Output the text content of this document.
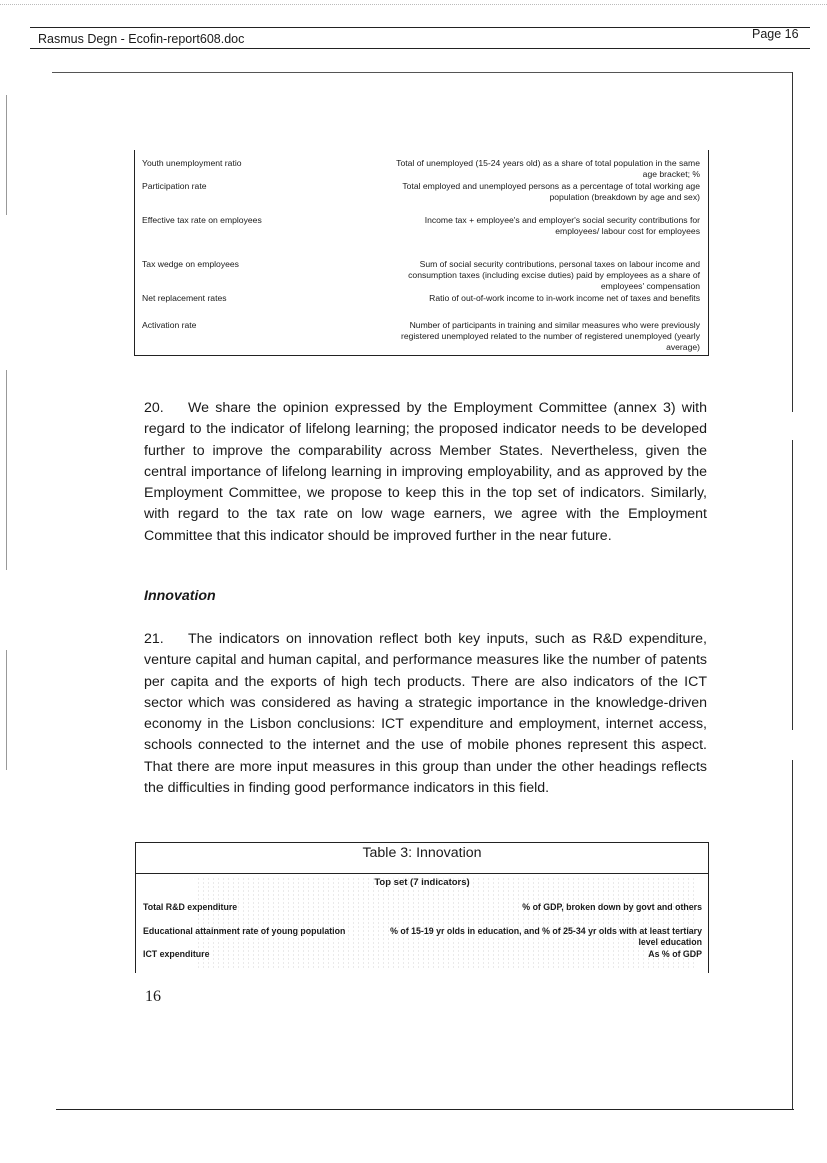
Rasmus Degn - Ecofin-report608.doc	Page 16
Youth unemployment ratio	Total of unemployed (15-24 years old) as a share of total population in the same age bracket; %
Participation rate	Total employed and unemployed persons as a percentage of total working age population (breakdown by age and sex)
Effective tax rate on employees	Income tax + employee's and employer's social security contributions for employees/ labour cost for employees
Tax wedge on employees	Sum of social security contributions, personal taxes on labour income and consumption taxes (including excise duties) paid by employees as a share of employees' compensation
Net replacement rates	Ratio of out-of-work income to in-work income net of taxes and benefits
Activation rate	Number of participants in training and similar measures who were previously registered unemployed related to the number of registered unemployed (yearly average)
20. We share the opinion expressed by the Employment Committee (annex 3) with regard to the indicator of lifelong learning; the proposed indicator needs to be developed further to improve the comparability across Member States. Nevertheless, given the central importance of lifelong learning in improving employability, and as approved by the Employment Committee, we propose to keep this in the top set of indicators. Similarly, with regard to the tax rate on low wage earners, we agree with the Employment Committee that this indicator should be improved further in the near future.
Innovation
21. The indicators on innovation reflect both key inputs, such as R&D expenditure, venture capital and human capital, and performance measures like the number of patents per capita and the exports of high tech products. There are also indicators of the ICT sector which was considered as having a strategic importance in the knowledge-driven economy in the Lisbon conclusions: ICT expenditure and employment, internet access, schools connected to the internet and the use of mobile phones represent this aspect. That there are more input measures in this group than under the other headings reflects the difficulties in finding good performance indicators in this field.
Table 3: Innovation
Top set (7 indicators)
Total R&D expenditure	% of GDP, broken down by govt and others
Educational attainment rate of young population	% of 15-19 yr olds in education, and % of 25-34 yr olds with at least tertiary level education
ICT expenditure	As % of GDP
16
